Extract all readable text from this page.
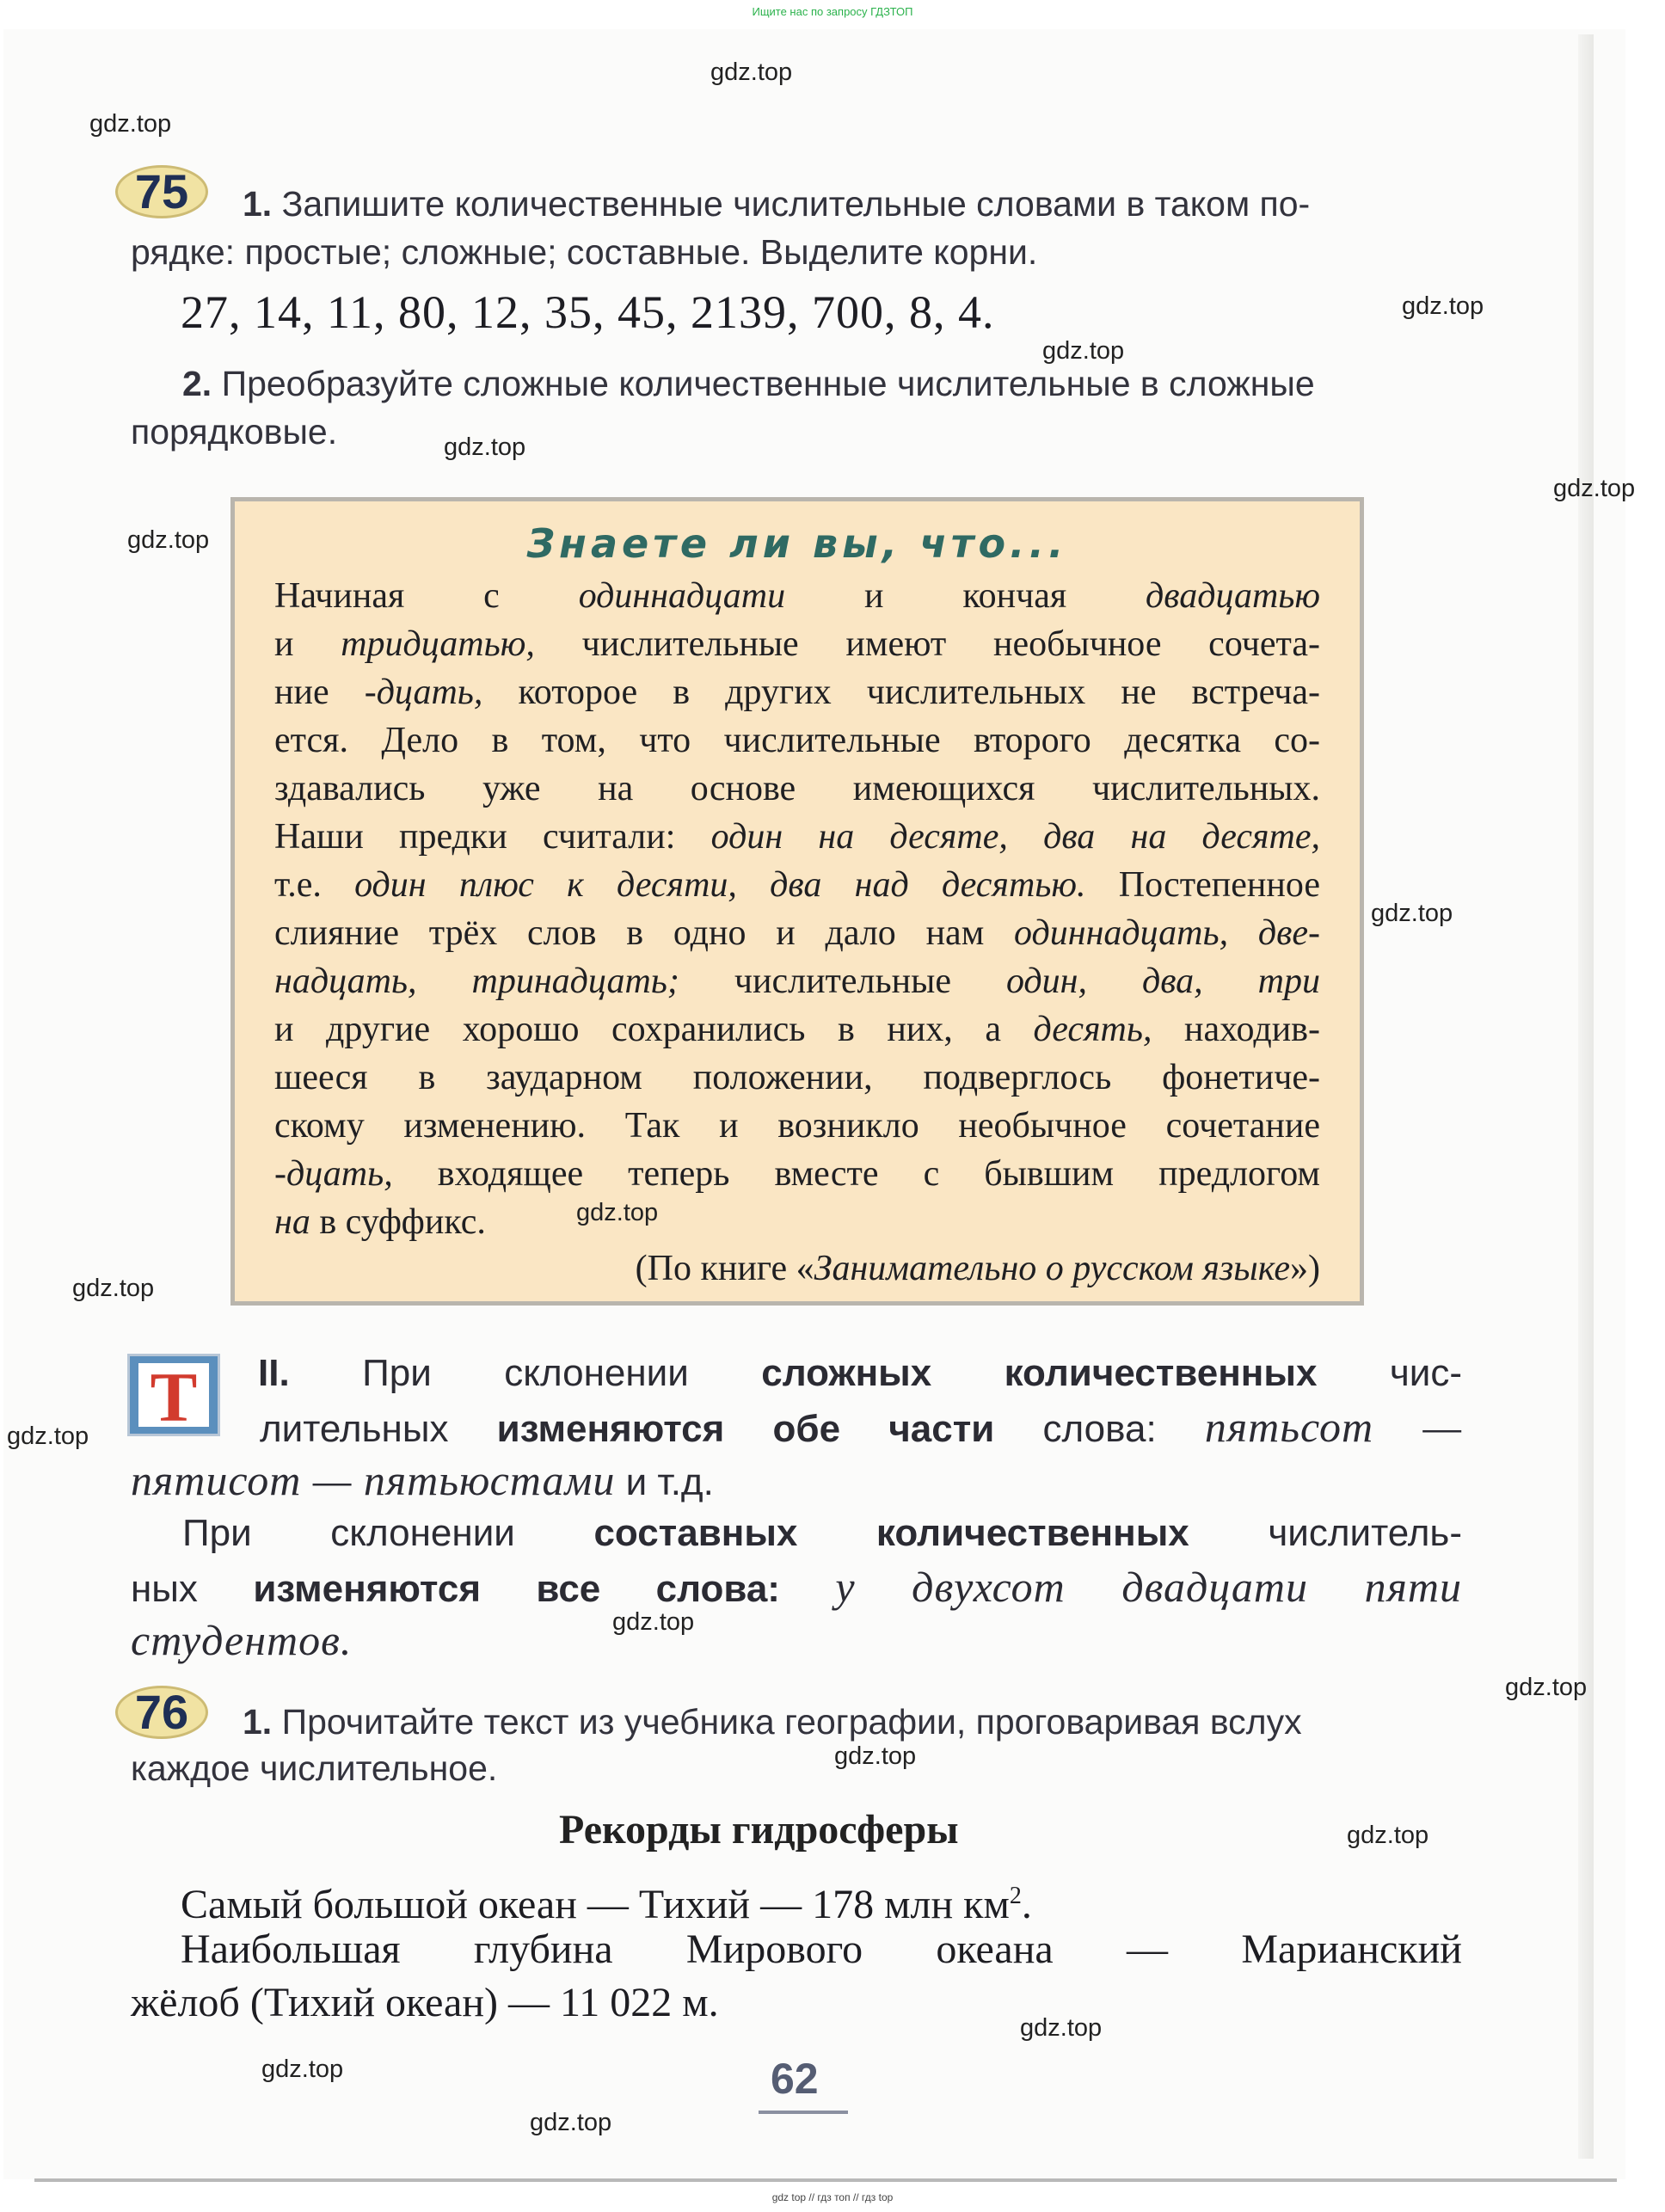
Ищите нас по запросу ГДЗТОП
75	1. Запишите количественные числительные словами в таком по-
рядке: простые; сложные; составные. Выделите корни.
27, 14, 11, 80, 12, 35, 45, 2139, 700, 8, 4.
2. Преобразуйте сложные количественные числительные в сложные
порядковые.
Знаете ли вы, что...
Начиная с одиннадцати и кончая двадцатью
и тридцатью, числительные имеют необычное сочета-
ние -дцать, которое в других числительных не встреча-
ется. Дело в том, что числительные второго десятка со-
здавались уже на основе имеющихся числительных.
Наши предки считали: один на десяте, два на десяте,
т.е. один плюс к десяти, два над десятью. Постепенное
слияние трёх слов в одно и дало нам одиннадцать, две-
надцать, тринадцать; числительные один, два, три
и другие хорошо сохранились в них, а десять, находив-
шееся в заударном положении, подверглось фонетиче-
скому изменению. Так и возникло необычное сочетание
-дцать, входящее теперь вместе с бывшим предлогом
на в суффикс.
(По книге «Занимательно о русском языке»)
Т	II. При склонении сложных количественных чис-
лительных изменяются обе части слова: пятьсот —
пятисот — пятьюстами и т.д.
При склонении составных количественных числитель-
ных изменяются все слова: у двухсот двадцати пяти
студентов.
76	1. Прочитайте текст из учебника географии, проговаривая вслух
каждое числительное.
Рекорды гидросферы
Самый большой океан — Тихий — 178 млн $км^2$.
Наибольшая глубина Мирового океана — Марианский
жёлоб (Тихий океан) — 11 022 м.
62
gdz top // гдз топ // гдз top
gdz.top
gdz.top
gdz.top
gdz.top
gdz.top
gdz.top
gdz.top
gdz.top
gdz.top
gdz.top
gdz.top
gdz.top
gdz.top
gdz.top
gdz.top
gdz.top
gdz.top
gdz.top
